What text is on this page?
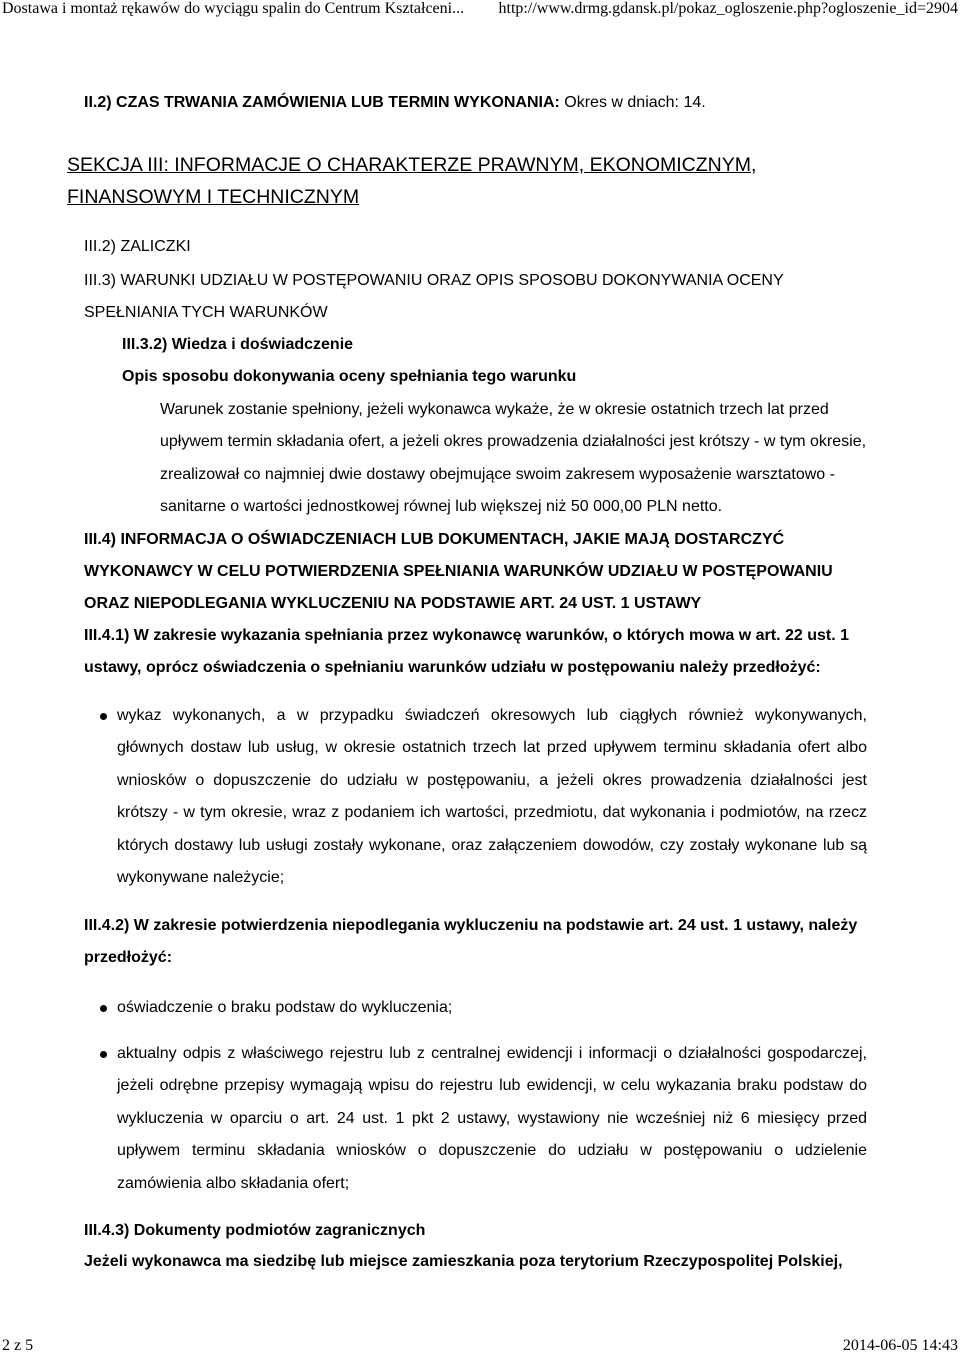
Dostawa i montaż rękawów do wyciągu spalin do Centrum Kształceni... http://www.drmg.gdansk.pl/pokaz_ogloszenie.php?ogloszenie_id=2904
II.2) CZAS TRWANIA ZAMÓWIENIA LUB TERMIN WYKONANIA: Okres w dniach: 14.
SEKCJA III: INFORMACJE O CHARAKTERZE PRAWNYM, EKONOMICZNYM,
FINANSOWYM I TECHNICZNYM
III.2) ZALICZKI
III.3) WARUNKI UDZIAŁU W POSTĘPOWANIU ORAZ OPIS SPOSOBU DOKONYWANIA OCENY
SPEŁNIANIA TYCH WARUNKÓW
III.3.2) Wiedza i doświadczenie
Opis sposobu dokonywania oceny spełniania tego warunku
Warunek zostanie spełniony, jeżeli wykonawca wykaże, że w okresie ostatnich trzech lat przed
upływem termin składania ofert, a jeżeli okres prowadzenia działalności jest krótszy - w tym okresie,
zrealizował co najmniej dwie dostawy obejmujące swoim zakresem wyposażenie warsztatowo -
sanitarne o wartości jednostkowej równej lub większej niż 50 000,00 PLN netto.
III.4) INFORMACJA O OŚWIADCZENIACH LUB DOKUMENTACH, JAKIE MAJĄ DOSTARCZYĆ
WYKONAWCY W CELU POTWIERDZENIA SPEŁNIANIA WARUNKÓW UDZIAŁU W POSTĘPOWANIU
ORAZ NIEPODLEGANIA WYKLUCZENIU NA PODSTAWIE ART. 24 UST. 1 USTAWY
III.4.1) W zakresie wykazania spełniania przez wykonawcę warunków, o których mowa w art. 22 ust. 1
ustawy, oprócz oświadczenia o spełnianiu warunków udziału w postępowaniu należy przedłożyć:
wykaz wykonanych, a w przypadku świadczeń okresowych lub ciągłych również wykonywanych,
głównych dostaw lub usług, w okresie ostatnich trzech lat przed upływem terminu składania ofert albo
wniosków o dopuszczenie do udziału w postępowaniu, a jeżeli okres prowadzenia działalności jest
krótszy - w tym okresie, wraz z podaniem ich wartości, przedmiotu, dat wykonania i podmiotów, na rzecz
których dostawy lub usługi zostały wykonane, oraz załączeniem dowodów, czy zostały wykonane lub są
wykonywane należycie;
III.4.2) W zakresie potwierdzenia niepodlegania wykluczeniu na podstawie art. 24 ust. 1 ustawy, należy
przedłożyć:
oświadczenie o braku podstaw do wykluczenia;
aktualny odpis z właściwego rejestru lub z centralnej ewidencji i informacji o działalności gospodarczej,
jeżeli odrębne przepisy wymagają wpisu do rejestru lub ewidencji, w celu wykazania braku podstaw do
wykluczenia w oparciu o art. 24 ust. 1 pkt 2 ustawy, wystawiony nie wcześniej niż 6 miesięcy przed
upływem terminu składania wniosków o dopuszczenie do udziału w postępowaniu o udzielenie
zamówienia albo składania ofert;
III.4.3) Dokumenty podmiotów zagranicznych
Jeżeli wykonawca ma siedzibę lub miejsce zamieszkania poza terytorium Rzeczypospolitej Polskiej,
2 z 5	2014-06-05 14:43
